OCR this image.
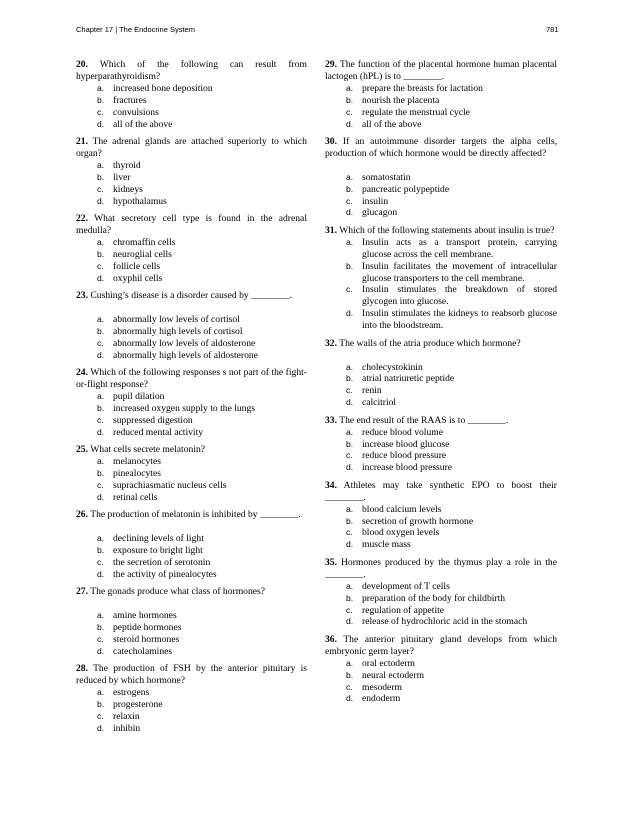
Chapter 17 | The Endocrine System	781
20. Which of the following can result from hyperparathyroidism?
a. increased bone deposition
b. fractures
c. convulsions
d. all of the above
21. The adrenal glands are attached superiorly to which organ?
a. thyroid
b. liver
c. kidneys
d. hypothalamus
22. What secretory cell type is found in the adrenal medulla?
a. chromaffin cells
b. neuroglial cells
c. follicle cells
d. oxyphil cells
23. Cushing’s disease is a disorder caused by ________.
a. abnormally low levels of cortisol
b. abnormally high levels of cortisol
c. abnormally low levels of aldosterone
d. abnormally high levels of aldosterone
24. Which of the following responses s not part of the fight-or-flight response?
a. pupil dilation
b. increased oxygen supply to the lungs
c. suppressed digestion
d. reduced mental activity
25. What cells secrete melatonin?
a. melanocytes
b. pinealocytes
c. suprachiasmatic nucleus cells
d. retinal cells
26. The production of melatonin is inhibited by ________.
a. declining levels of light
b. exposure to bright light
c. the secretion of serotonin
d. the activity of pinealocytes
27. The gonads produce what class of hormones?
a. amine hormones
b. peptide hormones
c. steroid hormones
d. catecholamines
28. The production of FSH by the anterior pituitary is reduced by which hormone?
a. estrogens
b. progesterone
c. relaxin
d. inhibin
29. The function of the placental hormone human placental lactogen (hPL) is to ________.
a. prepare the breasts for lactation
b. nourish the placenta
c. regulate the menstrual cycle
d. all of the above
30. If an autoimmune disorder targets the alpha cells, production of which hormone would be directly affected?
a. somatostatin
b. pancreatic polypeptide
c. insulin
d. glucagon
31. Which of the following statements about insulin is true?
a. Insulin acts as a transport protein, carrying glucose across the cell membrane.
b. Insulin facilitates the movement of intracellular glucose transporters to the cell membrane.
c. Insulin stimulates the breakdown of stored glycogen into glucose.
d. Insulin stimulates the kidneys to reabsorb glucose into the bloodstream.
32. The walls of the atria produce which hormone?
a. cholecystokinin
b. atrial natriuretic peptide
c. renin
d. calcitriol
33. The end result of the RAAS is to ________.
a. reduce blood volume
b. increase blood glucose
c. reduce blood pressure
d. increase blood pressure
34. Athletes may take synthetic EPO to boost their ________.
a. blood calcium levels
b. secretion of growth hormone
c. blood oxygen levels
d. muscle mass
35. Hormones produced by the thymus play a role in the ________.
a. development of T cells
b. preparation of the body for childbirth
c. regulation of appetite
d. release of hydrochloric acid in the stomach
36. The anterior pituitary gland develops from which embryonic germ layer?
a. oral ectoderm
b. neural ectoderm
c. mesoderm
d. endoderm
